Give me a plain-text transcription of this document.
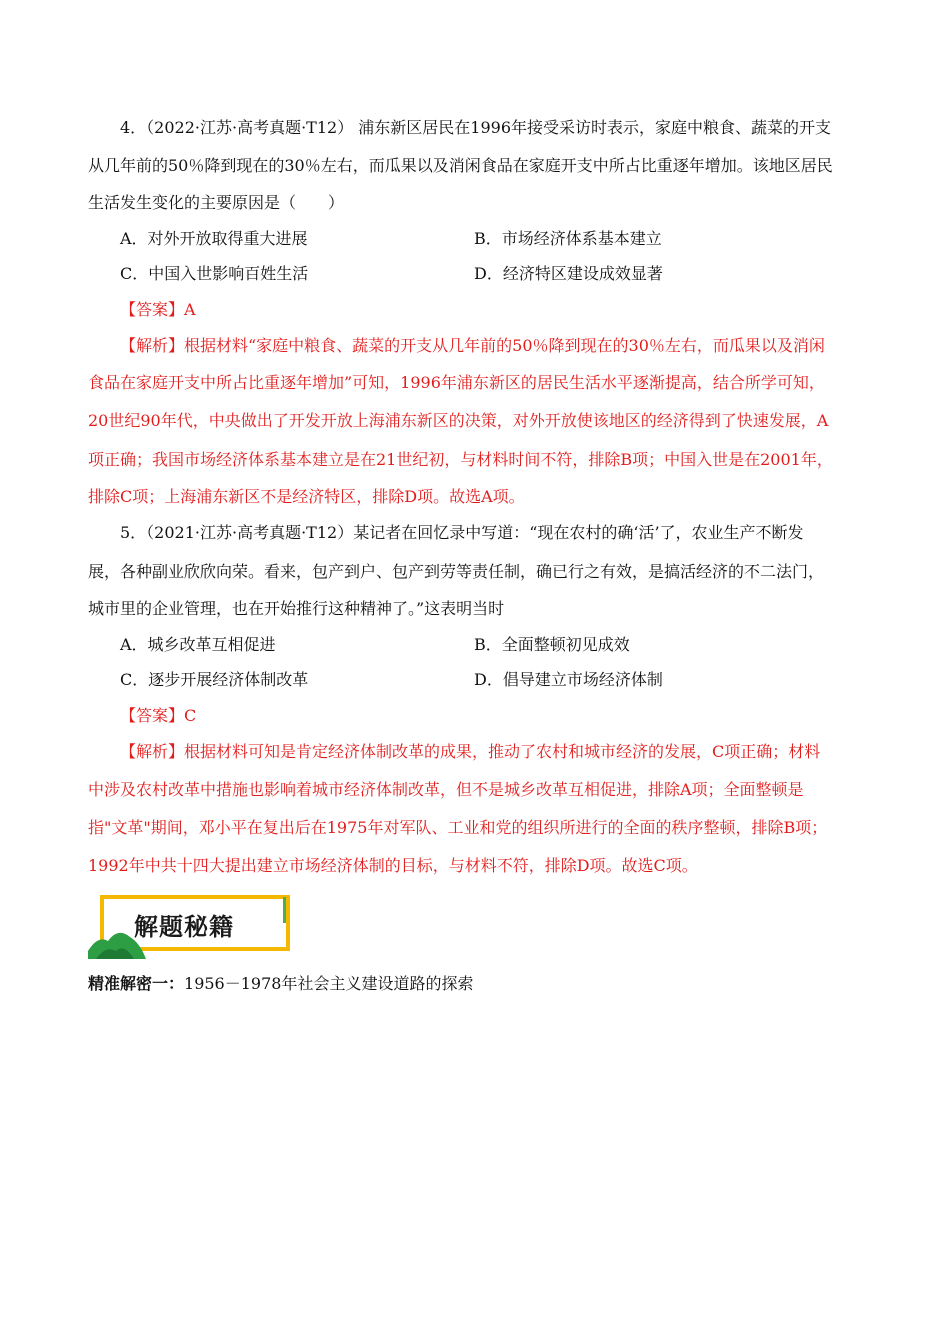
4．（2022·江苏·高考真题·T12） 浦东新区居民在1996年接受采访时表示，家庭中粮食、蔬菜的开支
从几年前的50％降到现在的30％左右，而瓜果以及消闲食品在家庭开支中所占比重逐年增加。该地区居民
生活发生变化的主要原因是（　　）
A．对外开放取得重大进展	B．市场经济体系基本建立
C．中国入世影响百姓生活	D．经济特区建设成效显著
【答案】A
【解析】根据材料“家庭中粮食、蔬菜的开支从几年前的50％降到现在的30％左右，而瓜果以及消闲
食品在家庭开支中所占比重逐年增加”可知，1996年浦东新区的居民生活水平逐渐提高，结合所学可知，
20世纪90年代，中央做出了开发开放上海浦东新区的决策，对外开放使该地区的经济得到了快速发展，A
项正确；我国市场经济体系基本建立是在21世纪初，与材料时间不符，排除B项；中国入世是在2001年，
排除C项；上海浦东新区不是经济特区，排除D项。故选A项。
5．（2021·江苏·高考真题·T12）某记者在回忆录中写道：“现在农村的确‘活’了，农业生产不断发
展，各种副业欣欣向荣。看来，包产到户、包产到劳等责任制，确已行之有效，是搞活经济的不二法门，
城市里的企业管理，也在开始推行这种精神了。”这表明当时
A．城乡改革互相促进	B．全面整顿初见成效
C．逐步开展经济体制改革	D．倡导建立市场经济体制
【答案】C
【解析】根据材料可知是肯定经济体制改革的成果，推动了农村和城市经济的发展，C项正确；材料
中涉及农村改革中措施也影响着城市经济体制改革，但不是城乡改革互相促进，排除A项；全面整顿是
指"文革"期间，邓小平在复出后在1975年对军队、工业和党的组织所进行的全面的秩序整顿，排除B项；
1992年中共十四大提出建立市场经济体制的目标，与材料不符，排除D项。故选C项。
解题秘籍
精准解密一：1956－1978年社会主义建设道路的探索
